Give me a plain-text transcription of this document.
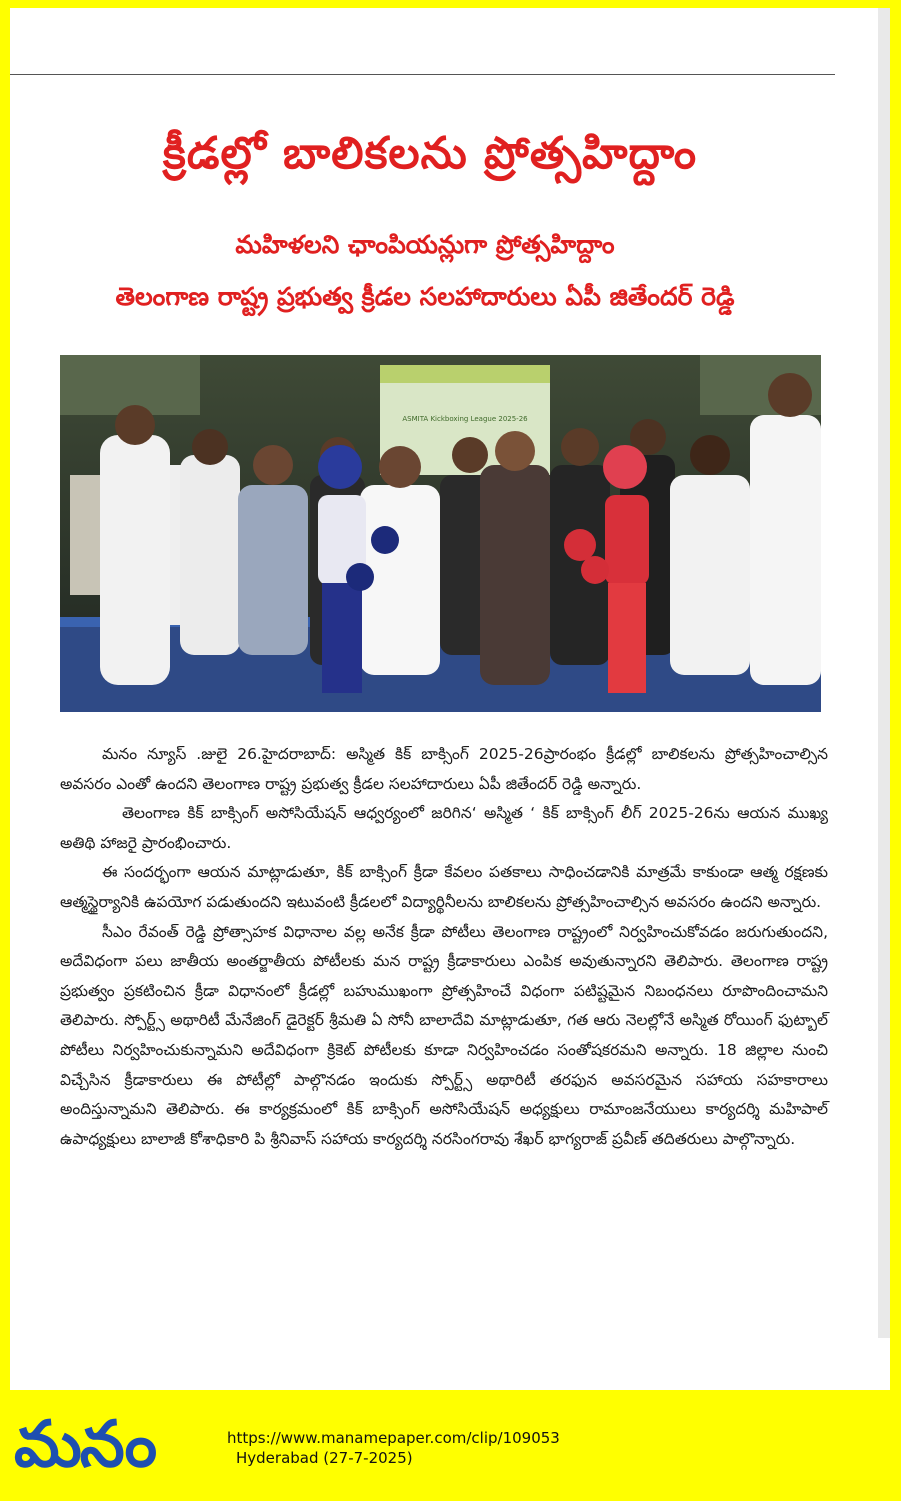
క్రీడల్లో బాలికలను ప్రోత్సహిద్దాం
మహిళలని ఛాంపియన్లుగా ప్రోత్సహిద్దాం
తెలంగాణ రాష్ట్ర ప్రభుత్వ క్రీడల సలహాదారులు ఏపీ జితేందర్ రెడ్డి
ASMITA Kickboxing League 2025-26

మనం న్యూస్ .జులై 26.హైదరాబాద్: అస్మిత కిక్ బాక్సింగ్ 2025-26ప్రారంభం క్రీడల్లో బాలికలను ప్రోత్సహించాల్సిన అవసరం ఎంతో ఉందని తెలంగాణ రాష్ట్ర ప్రభుత్వ క్రీడల సలహాదారులు ఏపీ జితేందర్ రెడ్డి అన్నారు.

తెలంగాణ కిక్ బాక్సింగ్ అసోసియేషన్ ఆధ్వర్యంలో జరిగిన‘ అస్మిత ‘ కిక్ బాక్సింగ్ లీగ్ 2025-26ను ఆయన ముఖ్య అతిథి హాజరై ప్రారంభించారు.

ఈ సందర్భంగా ఆయన మాట్లాడుతూ, కిక్ బాక్సింగ్ క్రీడా కేవలం పతకాలు సాధించడానికి మాత్రమే కాకుండా ఆత్మ రక్షణకు ఆత్మస్థైర్యానికి ఉపయోగ పడుతుందని ఇటువంటి క్రీడలలో విద్యార్థినీలను బాలికలను ప్రోత్సహించాల్సిన అవసరం ఉందని అన్నారు.

సీఎం రేవంత్ రెడ్డి ప్రోత్సాహక విధానాల వల్ల అనేక క్రీడా పోటీలు తెలంగాణ రాష్ట్రంలో నిర్వహించుకోవడం జరుగుతుందని, అదేవిధంగా పలు జాతీయ అంతర్జాతీయ పోటీలకు మన రాష్ట్ర క్రీడాకారులు ఎంపిక అవుతున్నారని తెలిపారు. తెలంగాణ రాష్ట్ర ప్రభుత్వం ప్రకటించిన క్రీడా విధానంలో క్రీడల్లో బహుముఖంగా ప్రోత్సహించే విధంగా పటిష్టమైన నిబంధనలు రూపొందించామని తెలిపారు. స్పోర్ట్స్ అథారిటీ మేనేజింగ్ డైరెక్టర్ శ్రీమతి ఏ సోనీ బాలాదేవి మాట్లాడుతూ, గత ఆరు నెలల్లోనే అస్మిత రోయింగ్ ఫుట్బాల్ పోటీలు నిర్వహించుకున్నామని అదేవిధంగా క్రికెట్ పోటీలకు కూడా నిర్వహించడం సంతోషకరమని అన్నారు. 18 జిల్లాల నుంచి విచ్చేసిన క్రీడాకారులు ఈ పోటీల్లో పాల్గొనడం ఇందుకు స్పోర్ట్స్ అథారిటీ తరఫున అవసరమైన సహాయ సహకారాలు అందిస్తున్నామని తెలిపారు. ఈ కార్యక్రమంలో కిక్ బాక్సింగ్ అసోసియేషన్ అధ్యక్షులు రామాంజనేయులు కార్యదర్శి మహిపాల్ ఉపాధ్యక్షులు బాలాజీ కోశాధికారి పి శ్రీనివాస్ సహాయ కార్యదర్శి నరసింగరావు శేఖర్ భాగ్యరాజ్ ప్రవీణ్ తదితరులు పాల్గొన్నారు.

మనం	https://www.manamepaper.com/clip/109053
Hyderabad (27-7-2025)
